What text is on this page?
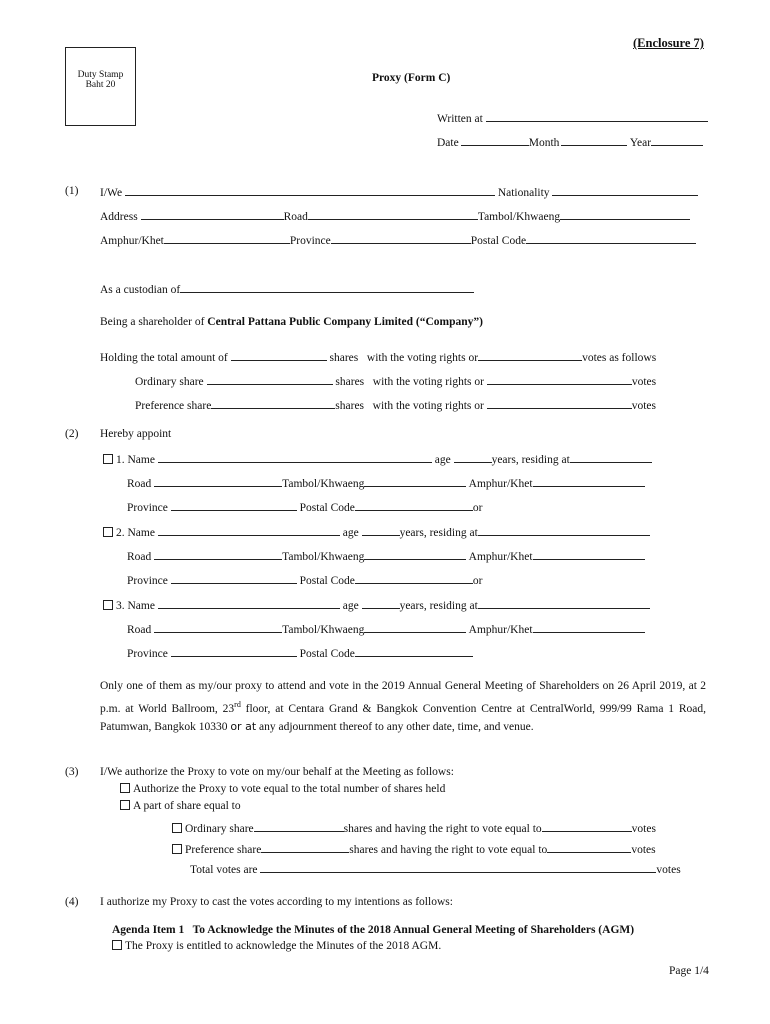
(Enclosure 7)
Duty Stamp
Baht 20
Proxy (Form C)
Written at
Date	Month	Year
(1) I/We	Nationality
Address	Road	Tambol/Khwaeng
Amphur/Khet	Province	Postal Code
As a custodian of
Being a shareholder of Central Pattana Public Company Limited (“Company”)
Holding the total amount of	shares with the voting rights or	votes as follows
Ordinary share	shares with the voting rights or	votes
Preference share	shares with the voting rights or	votes
(2) Hereby appoint
1. Name	age	years, residing at
Road	Tambol/Khwaeng	Amphur/Khet
Province	Postal Code	or
2. Name	age	years, residing at
Road	Tambol/Khwaeng	Amphur/Khet
Province	Postal Code	or
3. Name	age	years, residing at
Road	Tambol/Khwaeng	Amphur/Khet
Province	Postal Code
Only one of them as my/our proxy to attend and vote in the 2019 Annual General Meeting of Shareholders on 26 April 2019, at 2 p.m. at World Ballroom, 23rd floor, at Centara Grand & Bangkok Convention Centre at CentralWorld, 999/99 Rama 1 Road, Patumwan, Bangkok 10330 or at any adjournment thereof to any other date, time, and venue.
(3) I/We authorize the Proxy to vote on my/our behalf at the Meeting as follows:
Authorize the Proxy to vote equal to the total number of shares held
A part of share equal to
Ordinary share	shares and having the right to vote equal to	votes
Preference share	shares and having the right to vote equal to	votes
Total votes are	votes
(4) I authorize my Proxy to cast the votes according to my intentions as follows:
Agenda Item 1   To Acknowledge the Minutes of the 2018 Annual General Meeting of Shareholders (AGM)
The Proxy is entitled to acknowledge the Minutes of the 2018 AGM.
Page 1/4
